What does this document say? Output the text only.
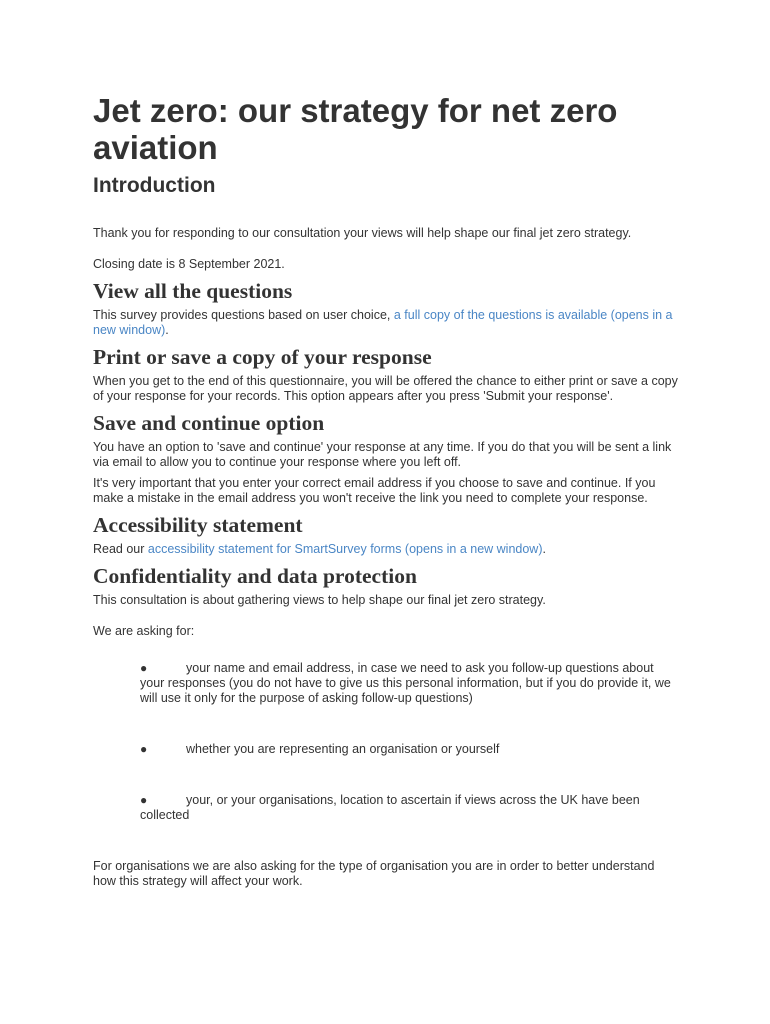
Jet zero: our strategy for net zero aviation
Introduction

Thank you for responding to our consultation your views will help shape our final jet zero strategy.

Closing date is 8 September 2021.

View all the questions

This survey provides questions based on user choice, a full copy of the questions is available (opens in a new window).

Print or save a copy of your response

When you get to the end of this questionnaire, you will be offered the chance to either print or save a copy of your response for your records. This option appears after you press 'Submit your response'.

Save and continue option

You have an option to 'save and continue' your response at any time. If you do that you will be sent a link via email to allow you to continue your response where you left off.

It's very important that you enter your correct email address if you choose to save and continue. If you make a mistake in the email address you won't receive the link you need to complete your response.

Accessibility statement

Read our accessibility statement for SmartSurvey forms (opens in a new window).

Confidentiality and data protection

This consultation is about gathering views to help shape our final jet zero strategy.

We are asking for:

●	your name and email address, in case we need to ask you follow-up questions about your responses (you do not have to give us this personal information, but if you do provide it, we will use it only for the purpose of asking follow-up questions)
●	whether you are representing an organisation or yourself
●	your, or your organisations, location to ascertain if views across the UK have been collected

For organisations we are also asking for the type of organisation you are in order to better understand how this strategy will affect your work.
